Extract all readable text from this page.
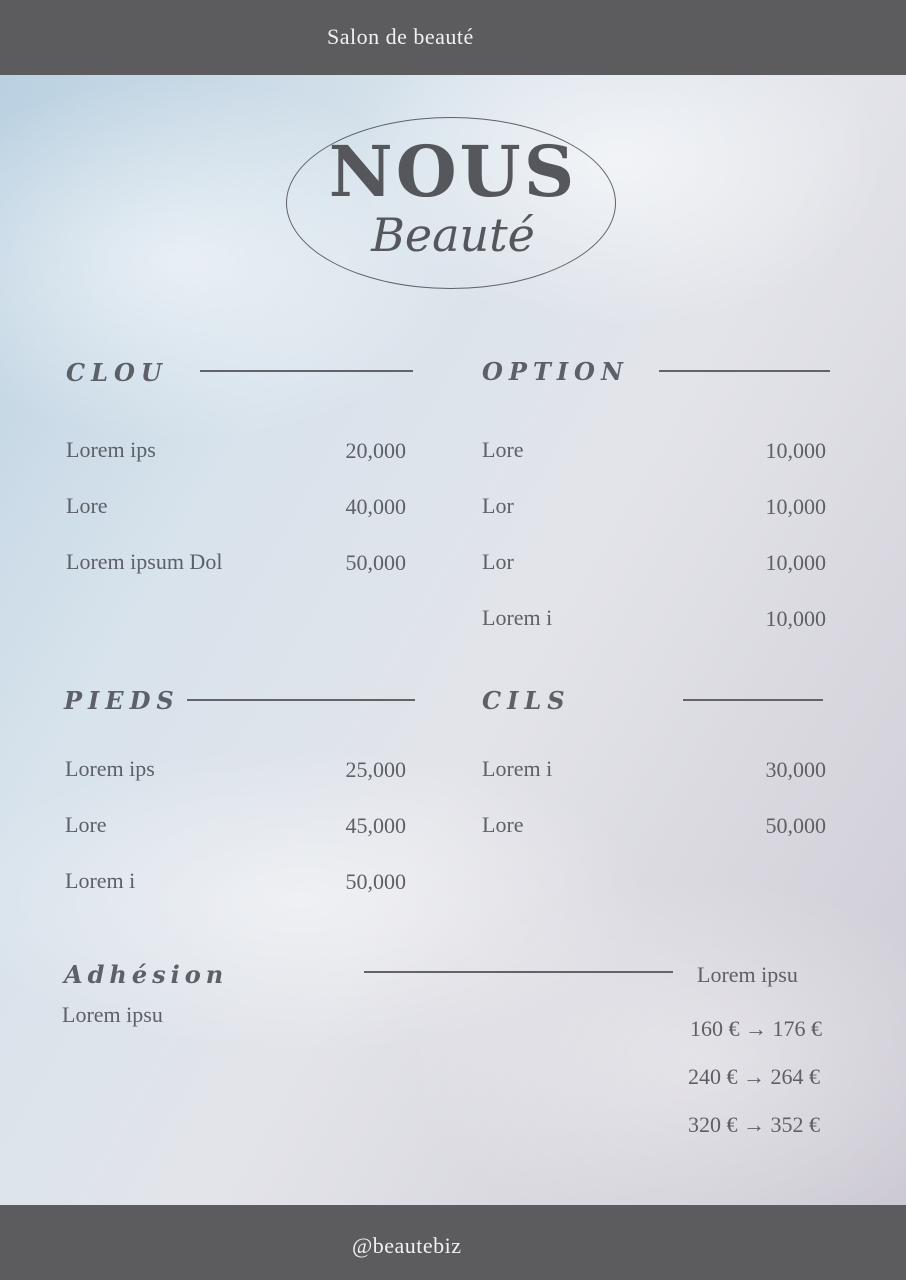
Salon de beauté
NOUS
Beauté
CLOU
Lorem ips	20,000
Lore	40,000
Lorem ipsum Dol	50,000
OPTION
Lore	10,000
Lor	10,000
Lor	10,000
Lorem i	10,000
PIEDS
Lorem ips	25,000
Lore	45,000
Lorem i	50,000
CILS
Lorem i	30,000
Lore	50,000
Adhésion
Lorem ipsu
Lorem ipsu
160 € → 176 €
240 € → 264 €
320 € → 352 €
@beautebiz
